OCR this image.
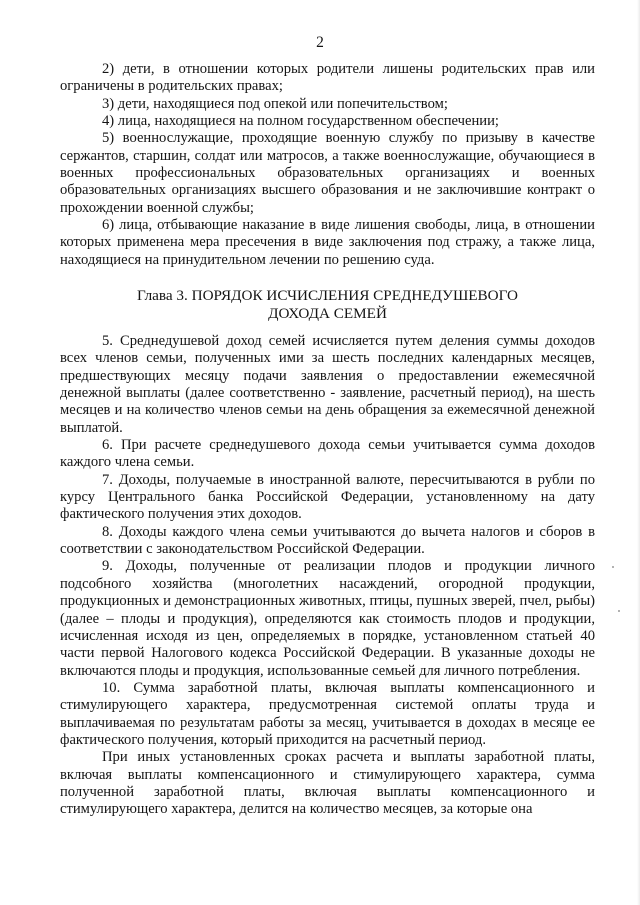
2

2) дети, в отношении которых родители лишены родительских прав или ограничены в родительских правах;

3) дети, находящиеся под опекой или попечительством;

4) лица, находящиеся на полном государственном обеспечении;

5) военнослужащие, проходящие военную службу по призыву в качестве сержантов, старшин, солдат или матросов, а также военнослужащие, обучающиеся в военных профессиональных образовательных организациях и военных образовательных организациях высшего образования и не заключившие контракт о прохождении военной службы;

6) лица, отбывающие наказание в виде лишения свободы, лица, в отношении которых применена мера пресечения в виде заключения под стражу, а также лица, находящиеся на принудительном лечении по решению суда.

Глава 3. ПОРЯДОК ИСЧИСЛЕНИЯ СРЕДНЕДУШЕВОГО
ДОХОДА СЕМЕЙ

5. Среднедушевой доход семей исчисляется путем деления суммы доходов всех членов семьи, полученных ими за шесть последних календарных месяцев, предшествующих месяцу подачи заявления о предоставлении ежемесячной денежной выплаты (далее соответственно - заявление, расчетный период), на шесть месяцев и на количество членов семьи на день обращения за ежемесячной денежной выплатой.

6. При расчете среднедушевого дохода семьи учитывается сумма доходов каждого члена семьи.

7. Доходы, получаемые в иностранной валюте, пересчитываются в рубли по курсу Центрального банка Российской Федерации, установленному на дату фактического получения этих доходов.

8. Доходы каждого члена семьи учитываются до вычета налогов и сборов в соответствии с законодательством Российской Федерации.

9. Доходы, полученные от реализации плодов и продукции личного подсобного хозяйства (многолетних насаждений, огородной продукции, продукционных и демонстрационных животных, птицы, пушных зверей, пчел, рыбы) (далее – плоды и продукция), определяются как стоимость плодов и продукции, исчисленная исходя из цен, определяемых в порядке, установленном статьей 40 части первой Налогового кодекса Российской Федерации. В указанные доходы не включаются плоды и продукция, использованные семьей для личного потребления.

10. Сумма заработной платы, включая выплаты компенсационного и стимулирующего характера, предусмотренная системой оплаты труда и выплачиваемая по результатам работы за месяц, учитывается в доходах в месяце ее фактического получения, который приходится на расчетный период.

При иных установленных сроках расчета и выплаты заработной платы, включая выплаты компенсационного и стимулирующего характера, сумма полученной заработной платы, включая выплаты компенсационного и стимулирующего характера, делится на количество месяцев, за которые она
